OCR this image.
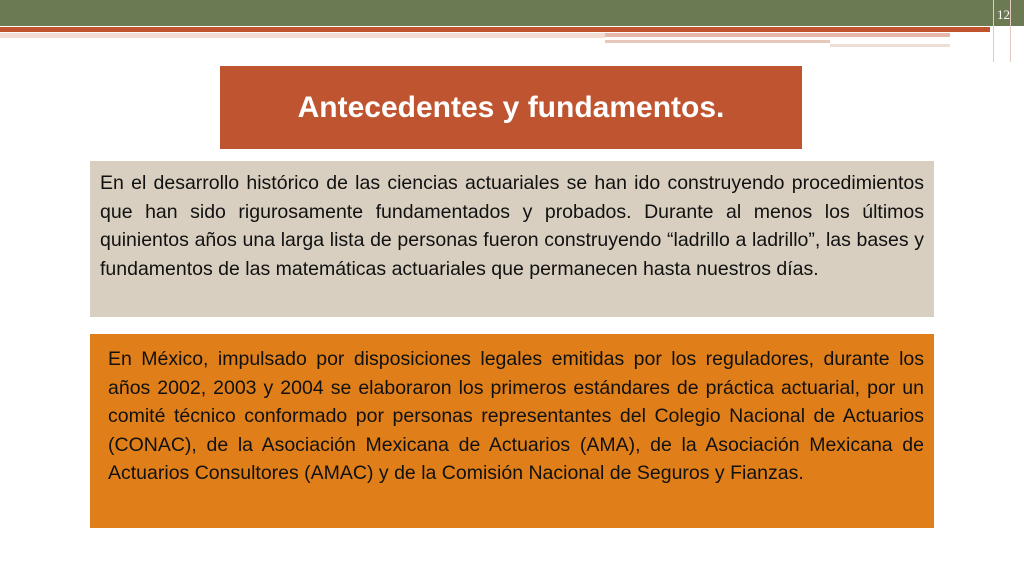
12
Antecedentes y fundamentos.

En el desarrollo histórico de las ciencias actuariales se han ido construyendo procedimientos que han sido rigurosamente fundamentados y probados. Durante al menos los últimos quinientos años una larga lista de personas fueron construyendo “ladrillo a ladrillo”, las bases y fundamentos de las matemáticas actuariales que permanecen hasta nuestros días.

En México, impulsado por disposiciones legales emitidas por los reguladores, durante los años 2002, 2003 y 2004 se elaboraron los primeros estándares de práctica actuarial, por un comité técnico conformado por personas representantes del Colegio Nacional de Actuarios (CONAC), de la Asociación Mexicana de Actuarios (AMA), de la Asociación Mexicana de Actuarios Consultores (AMAC) y de la Comisión Nacional de Seguros y Fianzas.
